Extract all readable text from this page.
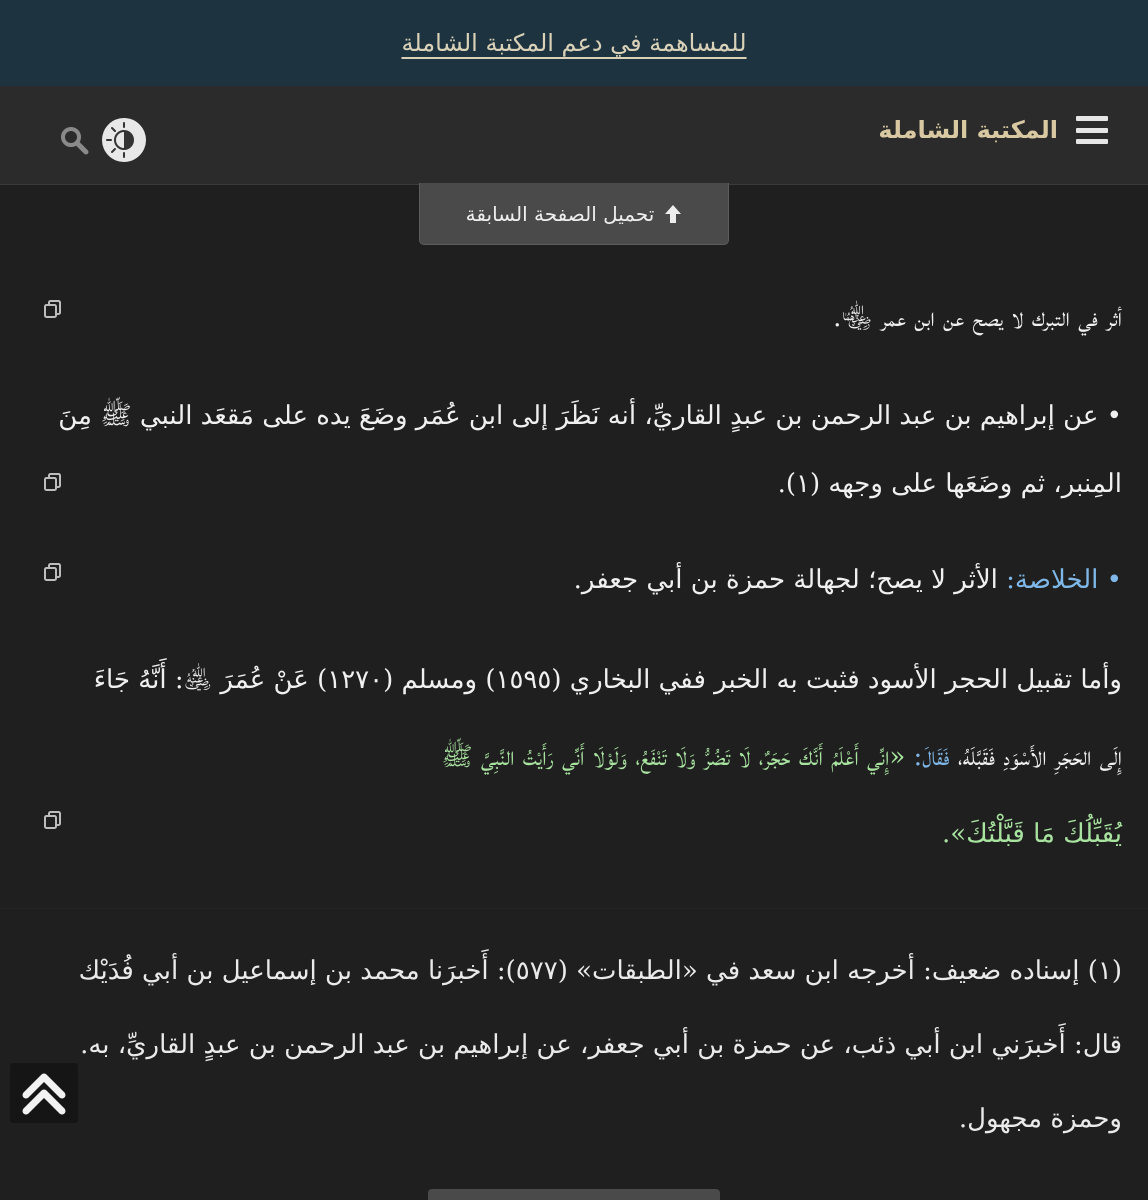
للمساهمة في دعم المكتبة الشاملة
المكتبة الشاملة
تحميل الصفحة السابقة
أثر في التبرك لا يصح عن ابن عمر ﵄.
• عن إبراهيم بن عبد الرحمن بن عبدٍ القاريِّ، أنه نَظَرَ إلى ابن عُمَر وضَعَ يده على مَقعَد النبي ﷺ مِنَ
المِنبر، ثم وضَعَها على وجهه (١).
• الخلاصة: الأثر لا يصح؛ لجهالة حمزة بن أبي جعفر.
وأما تقبيل الحجر الأسود فثبت به الخبر ففي البخاري (١٥٩٥) ومسلم (١٢٧٠) عَنْ عُمَرَ ﵁: أَنَّهُ جَاءَ
إِلَى الحَجَرِ الأَسْوَدِ فَقَبَّلَهُ، فَقَالَ: «إِنِّي أَعْلَمُ أَنَّكَ حَجَرٌ، لَا تَضُرُّ وَلَا تَنْفَعُ، وَلَوْلَا أَنِّي رَأَيْتُ النَّبِيَّ ﷺ
يُقَبِّلُكَ مَا قَبَّلْتُكَ».
(١) إسناده ضعيف: أخرجه ابن سعد في «الطبقات» (٥٧٧): أَخبرَنا محمد بن إسماعيل بن أبي فُدَيْك
قال: أَخبرَني ابن أبي ذئب، عن حمزة بن أبي جعفر، عن إبراهيم بن عبد الرحمن بن عبدٍ القاريِّ، به.
وحمزة مجهول.
